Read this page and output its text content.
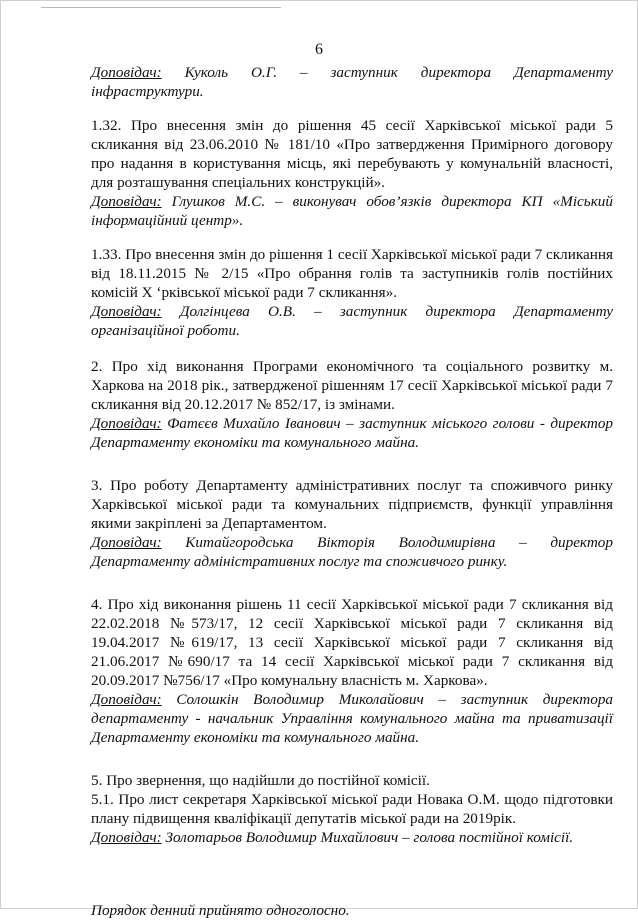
6

Доповідач: Куколь О.Г. – заступник директора Департаменту інфраструктури.

1.32. Про внесення змін до рішення 45 сесії Харківської міської ради 5 скликання від 23.06.2010 № 181/10 «Про затвердження Примірного договору про надання в користування місць, які перебувають у комунальній власності, для розташування спеціальних конструкцій».

Доповідач: Глушков М.С. – виконувач обов’язків директора КП «Міський інформаційний центр».

1.33. Про внесення змін до рішення 1 сесії Харківської міської ради 7 скликання від 18.11.2015 № 2/15 «Про обрання голів та заступників голів постійних комісій Х ‘рківської міської ради 7 скликання».

Доповідач: Долгінцева О.В. – заступник директора Департаменту організаційної роботи.

2. Про хід виконання Програми економічного та соціального розвитку м. Харкова на 2018 рік., затвердженої рішенням 17 сесії Харківської міської ради 7 скликання від 20.12.2017 № 852/17, із змінами.

Доповідач: Фатєєв Михайло Іванович – заступник міського голови - директор Департаменту економіки та комунального майна.

3. Про роботу Департаменту адміністративних послуг та споживчого ринку Харківської міської ради та комунальних підприємств, функції управління якими закріплені за Департаментом.

Доповідач: Китайгородська Вікторія Володимирівна – директор Департаменту адміністративних послуг та споживчого ринку.

4. Про хід виконання рішень 11 сесії Харківської міської ради 7 скликання від 22.02.2018 №573/17, 12 сесії Харківської міської ради 7 скликання від 19.04.2017 №619/17, 13 сесії Харківської міської ради 7 скликання від 21.06.2017 №690/17 та 14 сесії Харківської міської ради 7 скликання від 20.09.2017 №756/17 «Про комунальну власність м. Харкова».

Доповідач: Солошкін Володимир Миколайович – заступник директора департаменту - начальник Управління комунального майна та приватизації Департаменту економіки та комунального майна.

5. Про звернення, що надійшли до постійної комісії.

5.1. Про лист секретаря Харківської міської ради Новака О.М. щодо підготовки плану підвищення кваліфікації депутатів міської ради на 2019рік.

Доповідач: Золотарьов Володимир Михайлович – голова постійної комісії.

Порядок денний прийнято одноголосно.
